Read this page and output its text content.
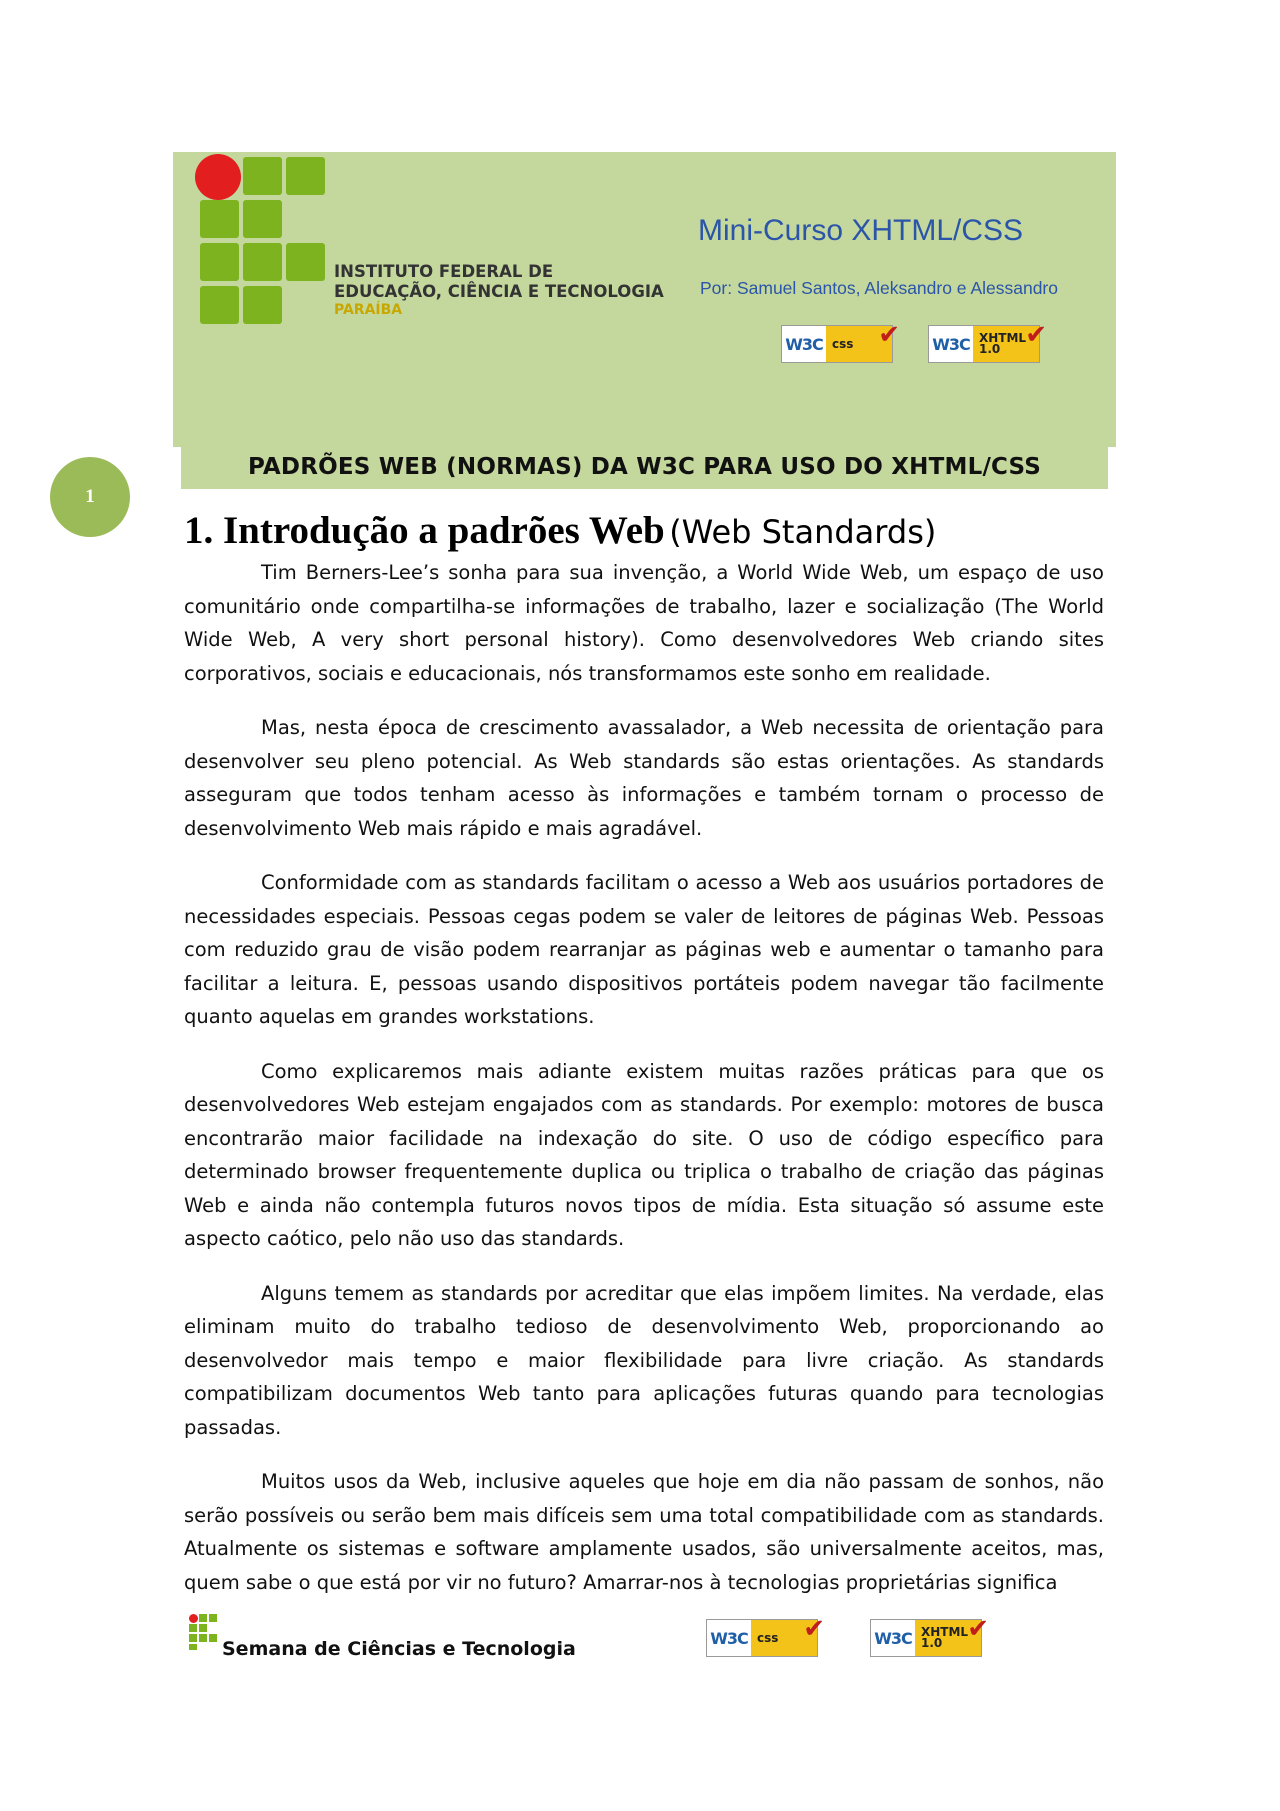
INSTITUTO FEDERAL DE
EDUCAÇÃO, CIÊNCIA E TECNOLOGIA
PARAÍBA
Mini-Curso XHTML/CSS
Por: Samuel Santos, Aleksandro e Alessandro
W3C css ✔ W3C XHTML
1.0 ✔
PADRÕES WEB (NORMAS) DA W3C PARA USO DO XHTML/CSS
1
1. Introdução a padrões Web (Web Standards)

Tim Berners-Lee’s sonha para sua invenção, a World Wide Web, um espaço de uso comunitário onde compartilha-se informações de trabalho, lazer e socialização (The World Wide Web, A very short personal history). Como desenvolvedores Web criando sites corporativos, sociais e educacionais, nós transformamos este sonho em realidade.

Mas, nesta época de crescimento avassalador, a Web necessita de orientação para desenvolver seu pleno potencial. As Web standards são estas orientações. As standards asseguram que todos tenham acesso às informações e também tornam o processo de desenvolvimento Web mais rápido e mais agradável.

Conformidade com as standards facilitam o acesso a Web aos usuários portadores de necessidades especiais. Pessoas cegas podem se valer de leitores de páginas Web. Pessoas com reduzido grau de visão podem rearranjar as páginas web e aumentar o tamanho para facilitar a leitura. E, pessoas usando dispositivos portáteis podem navegar tão facilmente quanto aquelas em grandes workstations.

Como explicaremos mais adiante existem muitas razões práticas para que os desenvolvedores Web estejam engajados com as standards. Por exemplo: motores de busca encontrarão maior facilidade na indexação do site. O uso de código específico para determinado browser frequentemente duplica ou triplica o trabalho de criação das páginas Web e ainda não contempla futuros novos tipos de mídia. Esta situação só assume este aspecto caótico, pelo não uso das standards.

Alguns temem as standards por acreditar que elas impõem limites. Na verdade, elas eliminam muito do trabalho tedioso de desenvolvimento Web, proporcionando ao desenvolvedor mais tempo e maior flexibilidade para livre criação. As standards compatibilizam documentos Web tanto para aplicações futuras quando para tecnologias passadas.

Muitos usos da Web, inclusive aqueles que hoje em dia não passam de sonhos, não serão possíveis ou serão bem mais difíceis sem uma total compatibilidade com as standards. Atualmente os sistemas e software amplamente usados, são universalmente aceitos, mas, quem sabe o que está por vir no futuro? Amarrar-nos à tecnologias proprietárias significa

Semana de Ciências e Tecnologia	W3C css ✔	W3C XHTML
1.0 ✔
